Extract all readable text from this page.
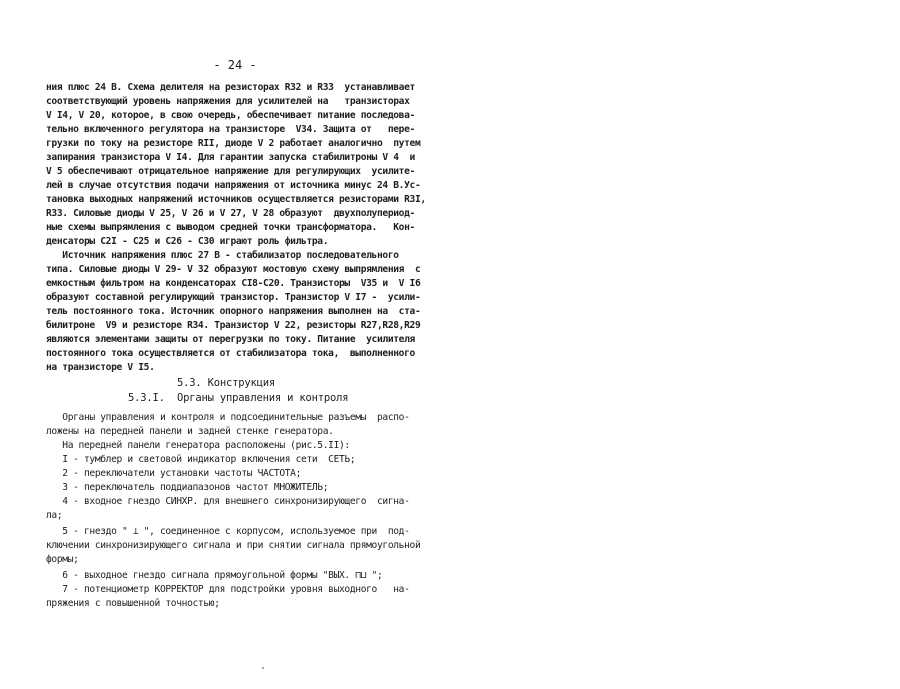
- 24 -
ния плюс 24 В. Схема делителя на резисторах R32 и R33  устанавливает
соответствующий уровень напряжения для усилителей на   транзисторах
V I4, V 20, которое, в свою очередь, обеспечивает питание последова-
тельно включенного регулятора на транзисторе  V34. Защита от   пере-
грузки по току на резисторе RII, диоде V 2 работает аналогично  путем
запирания транзистора V I4. Для гарантии запуска стабилитроны V 4  и
V 5 обеспечивают отрицательное напряжение для регулирующих  усилите-
лей в случае отсутствия подачи напряжения от источника минус 24 В.Ус-
тановка выходных напряжений источников осуществляется резисторами R3I,
R33. Силовые диоды V 25, V 26 и V 27, V 28 образуют  двухполупериод-
ные схемы выпрямления с выводом средней точки трансформатора.   Кон-
денсаторы С2I - С25 и С26 - С30 играют роль фильтра.
Источник напряжения плюс 27 В - стабилизатор последовательного
типа. Силовые диоды V 29- V 32 образуют мостовую схему выпрямления  с
емкостным фильтром на конденсаторах СI8-С20. Транзисторы  V35 и  V I6
образуют составной регулирующий транзистор. Транзистор V I7 -  усили-
тель постоянного тока. Источник опорного напряжения выполнен на  ста-
билитроне  V9 и резисторе R34. Транзистор V 22, резисторы R27,R28,R29
являются элементами защиты от перегрузки по току. Питание  усилителя
постоянного тока осуществляется от стабилизатора тока,  выполненного
на транзисторе V I5.
5.3. Конструкция
5.3.I.  Органы управления и контроля
Органы управления и контроля и подсоединительные разъемы  распо-
ложены на передней панели и задней стенке генератора.
На передней панели генератора расположены (рис.5.II):
I - тумблер и световой индикатор включения сети  СЕТЬ;
2 - переключатели установки частоты ЧАСТОТА;
3 - переключатель поддиапазонов частот МНОЖИТЕЛЬ;
4 - входное гнездо СИНХР. для внешнего синхронизирующего  сигна-
ла;
5 - гнездо " ⊥ ", соединенное с корпусом, используемое при  под-
ключении синхронизирующего сигнала и при снятии сигнала прямоугольной
формы;
6 - выходное гнездо сигнала прямоугольной формы "ВЫХ. ⊓⊔ ";
7 - потенциометр КОРРЕКТОР для подстройки уровня выходного   на-
пряжения с повышенной точностью;
